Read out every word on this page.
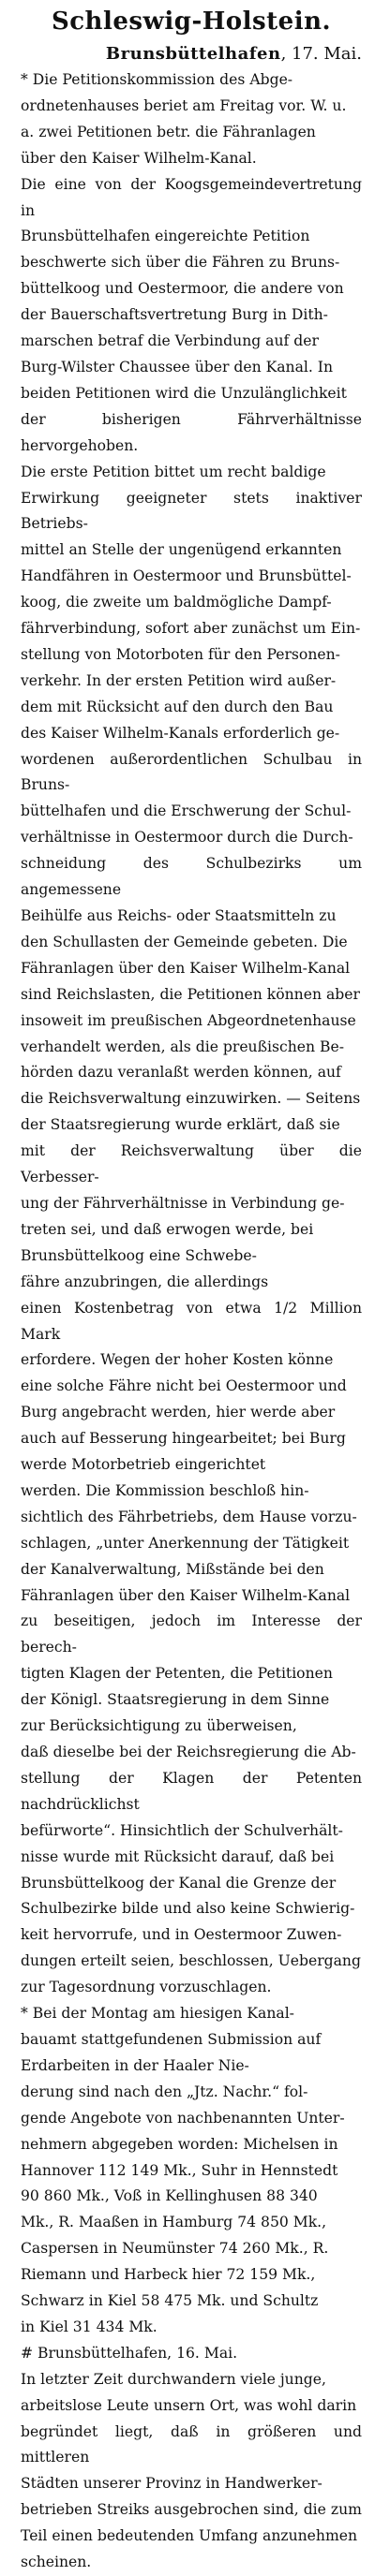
Schleswig-Holstein.
Brunsbüttelhafen, 17. Mai.

* Die Petitionskommission des Abge-
ordnetenhauses beriet am Freitag vor. W. u.
a. zwei Petitionen betr. die Fähranlagen
über den Kaiser Wilhelm-Kanal.
Die eine von der Koogsgemeindevertretung in
Brunsbüttelhafen eingereichte Petition
beschwerte sich über die Fähren zu Bruns-
büttelkoog und Oestermoor, die andere von
der Bauerschaftsvertretung Burg in Dith-
marschen betraf die Verbindung auf der
Burg-Wilster Chaussee über den Kanal. In
beiden Petitionen wird die Unzulänglichkeit
der bisherigen Fährverhältnisse hervorgehoben.
Die erste Petition bittet um recht baldige
Erwirkung geeigneter stets inaktiver Betriebs-
mittel an Stelle der ungenügend erkannten
Handfähren in Oestermoor und Brunsbüttel-
koog, die zweite um baldmögliche Dampf-
fährverbindung, sofort aber zunächst um Ein-
stellung von Motorboten für den Personen-
verkehr. In der ersten Petition wird außer-
dem mit Rücksicht auf den durch den Bau
des Kaiser Wilhelm-Kanals erforderlich ge-
wordenen außerordentlichen Schulbau in Bruns-
büttelhafen und die Erschwerung der Schul-
verhältnisse in Oestermoor durch die Durch-
schneidung des Schulbezirks um angemessene
Beihülfe aus Reichs- oder Staatsmitteln zu
den Schullasten der Gemeinde gebeten. Die
Fähranlagen über den Kaiser Wilhelm-Kanal
sind Reichslasten, die Petitionen können aber
insoweit im preußischen Abgeordnetenhause
verhandelt werden, als die preußischen Be-
hörden dazu veranlaßt werden können, auf
die Reichsverwaltung einzuwirken. — Seitens
der Staatsregierung wurde erklärt, daß sie
mit der Reichsverwaltung über die Verbesser-
ung der Fährverhältnisse in Verbindung ge-
treten sei, und daß erwogen werde, bei
Brunsbüttelkoog eine Schwebe-
fähre anzubringen, die allerdings
einen Kostenbetrag von etwa 1/2 Million Mark
erfordere. Wegen der hoher Kosten könne
eine solche Fähre nicht bei Oestermoor und
Burg angebracht werden, hier werde aber
auch auf Besserung hingearbeitet; bei Burg
werde Motorbetrieb eingerichtet
werden. Die Kommission beschloß hin-
sichtlich des Fährbetriebs, dem Hause vorzu-
schlagen, „unter Anerkennung der Tätigkeit
der Kanalverwaltung, Mißstände bei den
Fähranlagen über den Kaiser Wilhelm-Kanal
zu beseitigen, jedoch im Interesse der berech-
tigten Klagen der Petenten, die Petitionen
der Königl. Staatsregierung in dem Sinne
zur Berücksichtigung zu überweisen,
daß dieselbe bei der Reichsregierung die Ab-
stellung der Klagen der Petenten nachdrücklichst
befürworte“. Hinsichtlich der Schulverhält-
nisse wurde mit Rücksicht darauf, daß bei
Brunsbüttelkoog der Kanal die Grenze der
Schulbezirke bilde und also keine Schwierig-
keit hervorrufe, und in Oestermoor Zuwen-
dungen erteilt seien, beschlossen, Uebergang
zur Tagesordnung vorzuschlagen.

* Bei der Montag am hiesigen Kanal-
bauamt stattgefundenen Submission auf
Erdarbeiten in der Haaler Nie-
derung sind nach den „Jtz. Nachr.“ fol-
gende Angebote von nachbenannten Unter-
nehmern abgegeben worden: Michelsen in
Hannover 112 149 Mk., Suhr in Hennstedt
90 860 Mk., Voß in Kellinghusen 88 340
Mk., R. Maaßen in Hamburg 74 850 Mk.,
Caspersen in Neumünster 74 260 Mk., R.
Riemann und Harbeck hier 72 159 Mk.,
Schwarz in Kiel 58 475 Mk. und Schultz
in Kiel 31 434 Mk.

# Brunsbüttelhafen, 16. Mai.
In letzter Zeit durchwandern viele junge,
arbeitslose Leute unsern Ort, was wohl darin
begründet liegt, daß in größeren und mittleren
Städten unserer Provinz in Handwerker-
betrieben Streiks ausgebrochen sind, die zum
Teil einen bedeutenden Umfang anzunehmen
scheinen.
